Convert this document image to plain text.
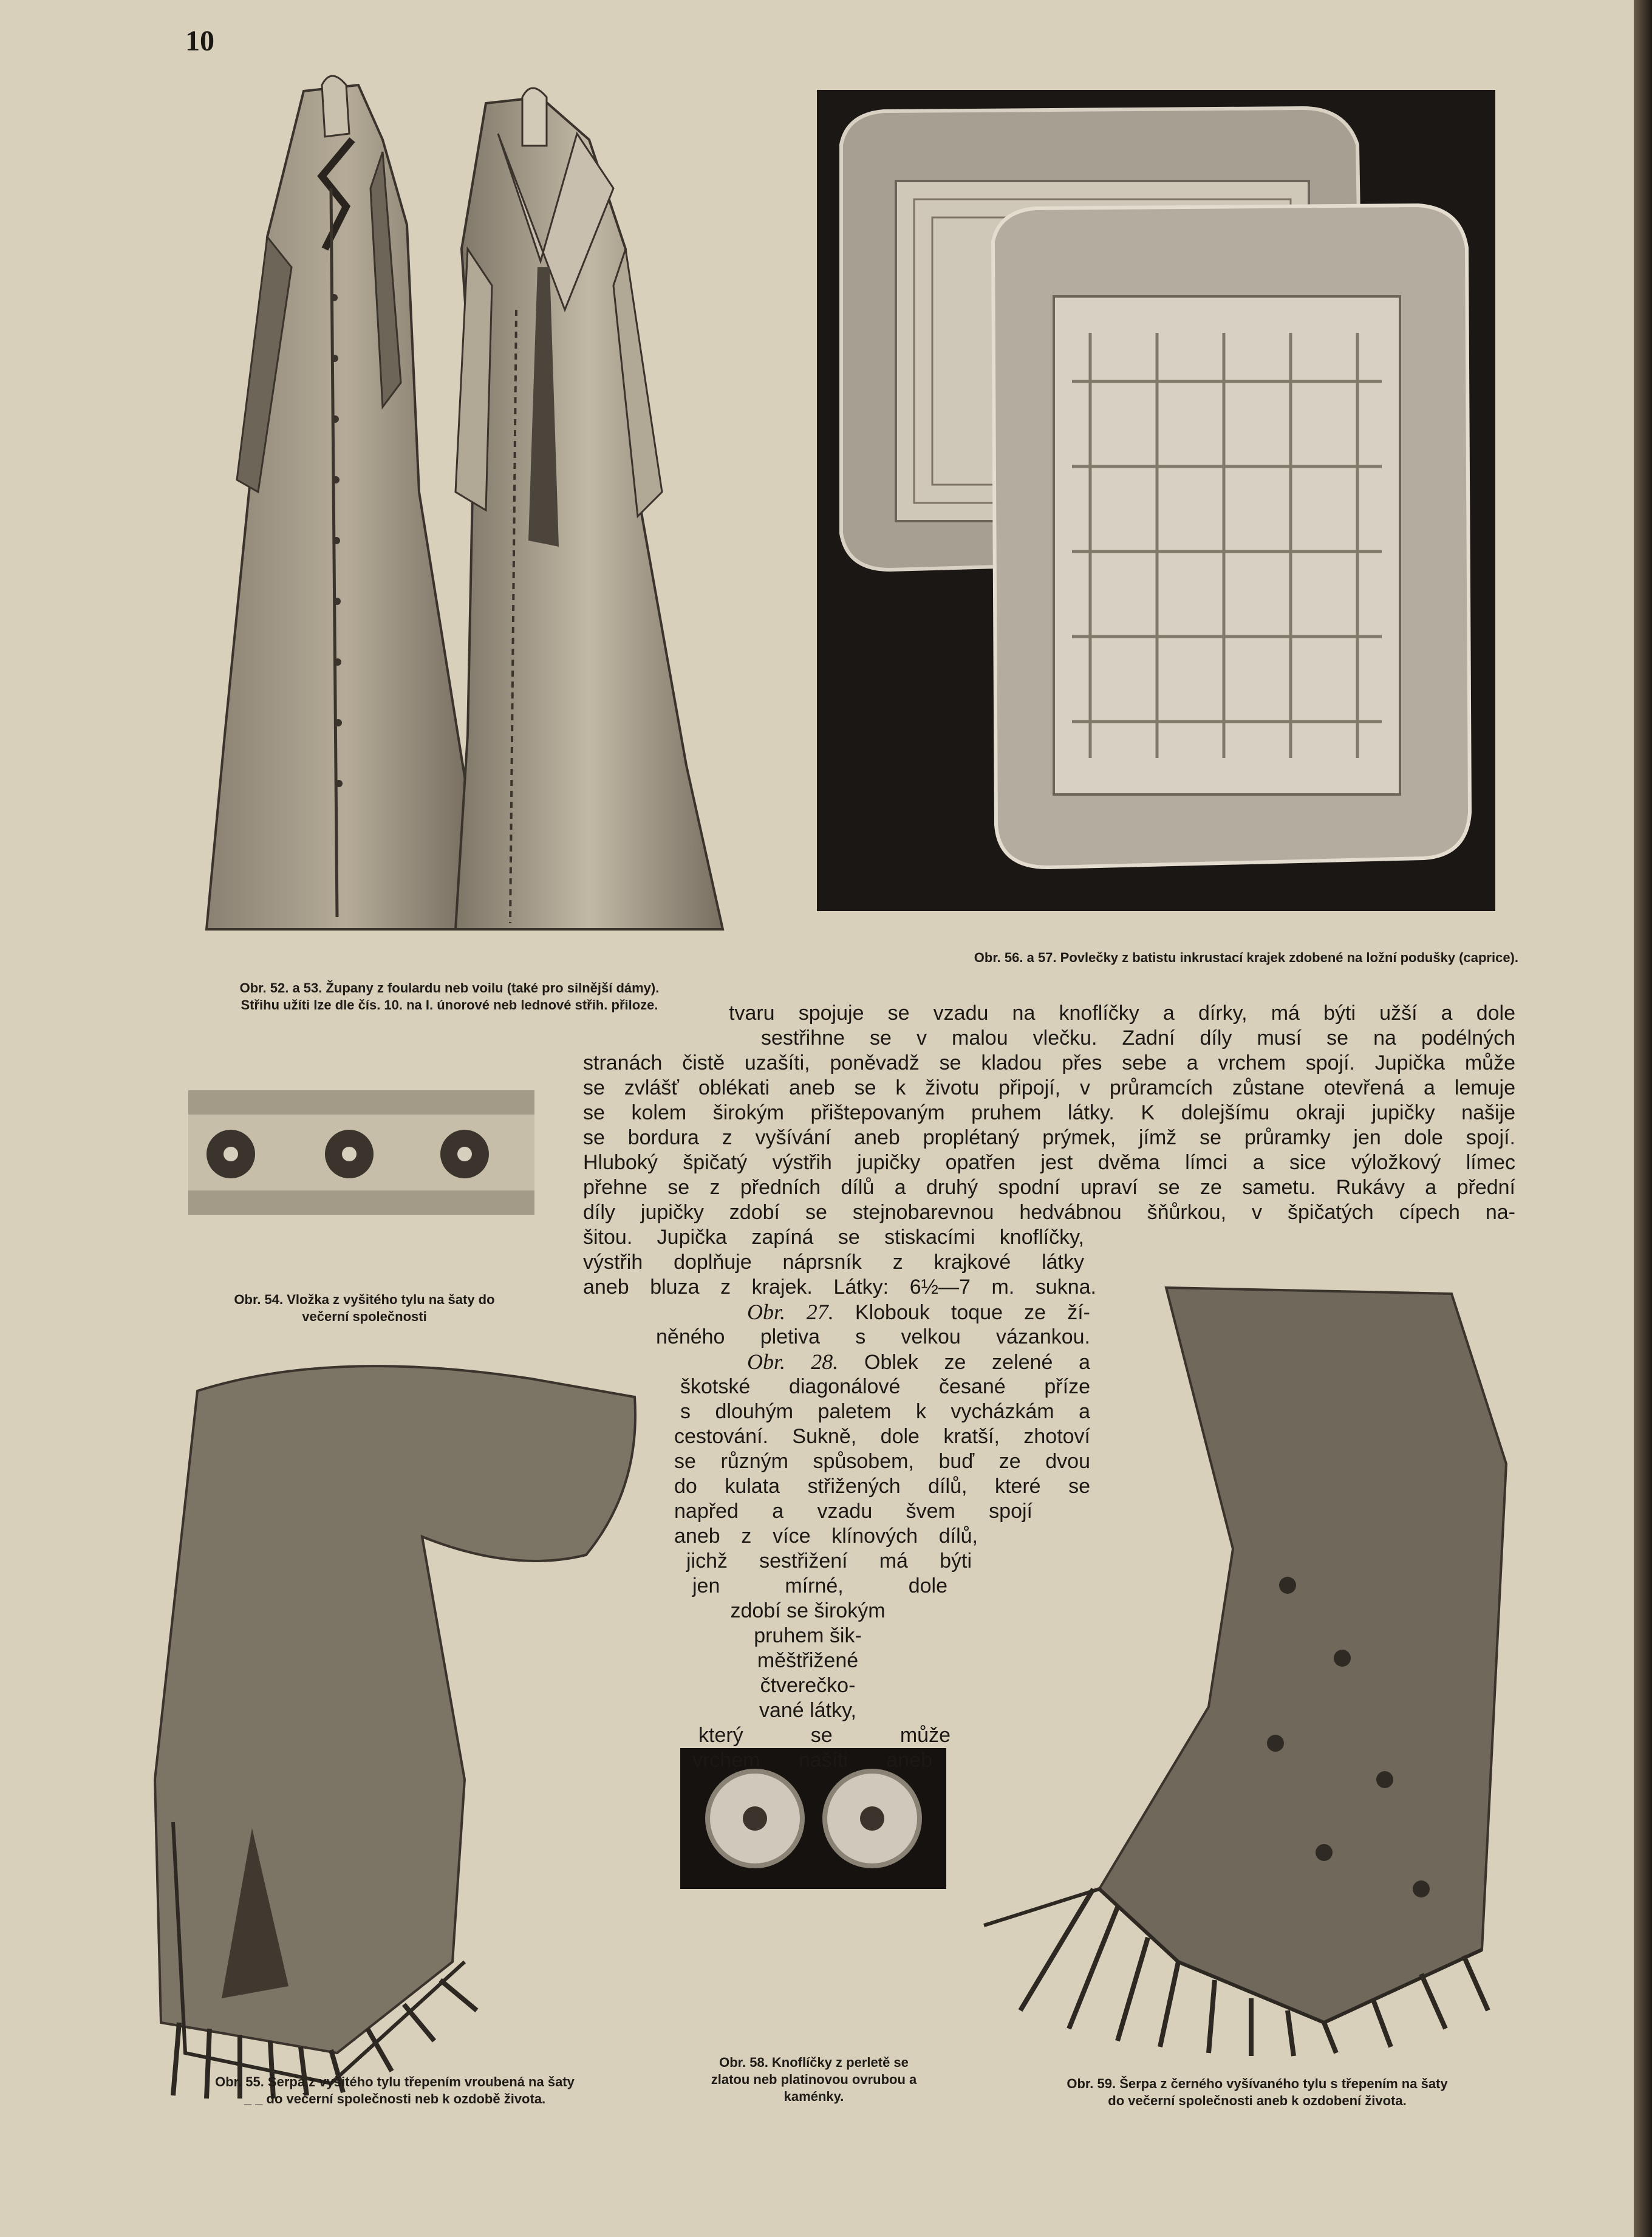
10
Obr. 52. a 53. Župany z foulardu neb voilu (také pro silnější dámy).
Střihu užíti lze dle čís. 10. na I. únorové neb lednové střih. přiloze.
Obr. 56. a 57. Povlečky z batistu inkrustací krajek zdobené na ložní podušky (caprice).
Obr. 54. Vložka z vyšitého tylu na šaty do
večerní společnosti
Obr. 55. Šerpa z vyšitého tylu třepením vroubená na šaty
_ _ do večerní společnosti neb k ozdobě života.
Obr. 58. Knoflíčky z perletě se
zlatou neb platinovou ovrubou a
kaménky.
Obr. 59. Šerpa z černého vyšívaného tylu s třepením na šaty
do večerní společnosti aneb k ozdobení života.
tvaru spojuje se vzadu na knoflíčky a dírky, má býti užší a dole
sestřihne se v malou vlečku. Zadní díly musí se na podélných
stranách čistě uzašíti, poněvadž se kladou přes sebe a vrchem spojí. Jupička může
se zvlášť oblékati aneb se k životu připojí, v průramcích zůstane otevřená a lemuje
se kolem širokým přištepovaným pruhem látky. K dolejšímu okraji jupičky našije
se bordura z vyšívání aneb proplétaný prýmek, jímž se průramky jen dole spojí.
Hluboký špičatý výstřih jupičky opatřen jest dvěma límci a sice výložkový límec
přehne se z předních dílů a druhý spodní upraví se ze sametu. Rukávy a přední
díly jupičky zdobí se stejnobarevnou hedvábnou šňůrkou, v špičatých cípech na-
šitou. Jupička zapíná se stiskacími knoflíčky,
výstřih doplňuje náprsník z krajkové látky
aneb bluza z krajek. Látky: 6½—7 m. sukna.
Obr. 27. Klobouk toque ze ží-
něného pletiva s velkou vázankou.
Obr. 28. Oblek ze zelené a
škotské diagonálové česané příze
s dlouhým paletem k vycházkám a
cestování. Sukně, dole kratší, zhotoví
se různým spůsobem, buď ze dvou
do kulata střižených dílů, které se
napřed a vzadu švem spojí
aneb z více klínových dílů,
jichž sestřižení má býti
jen mírné, dole
zdobí se širokým
pruhem šik-
měštřižené
čtverečko-
vané látky,
který se může
vrchem našíti aneb
